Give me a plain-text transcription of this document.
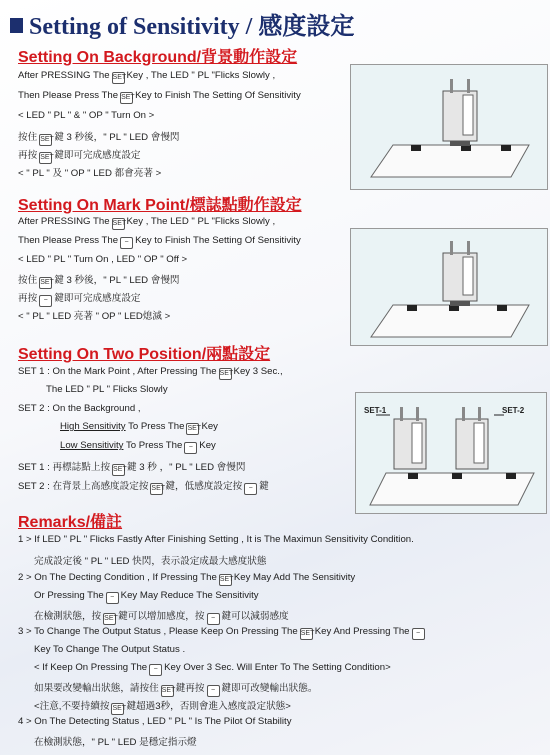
Setting of Sensitivity / 感度設定
Setting On Background/背景動作設定
After PRESSING The SETKey , The LED " PL "Flicks Slowly ,
Then Please Press The SETKey to Finish The Setting Of Sensitivity
< LED " PL " & " OP " Turn On >
按住 SET鍵 3 秒後，" PL " LED 會慢閃
再按 SET鍵即可完成感度設定
< " PL " 及 " OP " LED 都會亮著 >
Setting On Mark Point/標誌點動作設定
After PRESSING The SETKey , The LED " PL "Flicks Slowly ,
Then Please Press The − Key to Finish The Setting Of Sensitivity
< LED " PL " Turn On , LED " OP " Off >
按住 SET鍵 3 秒後，" PL " LED 會慢閃
再按 − 鍵即可完成感度設定
< " PL " LED 亮著 " OP " LED熄滅 >
Setting On Two Position/兩點設定
SET 1 : On the Mark Point , After Pressing The SETKey 3 Sec.,
The LED " PL " Flicks Slowly
SET 2 : On the Background ,
High Sensitivity To Press The SETKey
Low Sensitivity To Press The − Key
SET 1 : 再標誌點上按 SET鍵 3 秒 ，" PL " LED 會慢閃
SET 2 : 在背景上高感度設定按 SET鍵，低感度設定按 − 鍵
SET-1	SET-2
Remarks/備註
1 > If LED " PL " Flicks Fastly After Finishing Setting , It is The Maximun Sensitivity Condition.
完成設定後 " PL " LED 快閃，表示設定成最大感度狀態
2 > On The Decting Condition , If Pressing The SETKey May Add The Sensitivity
Or Pressing The − Key May Reduce The Sensitivity
在檢測狀態，按 SET鍵可以增加感度，按 − 鍵可以減弱感度
3 > To Change The Output Status , Please Keep On Pressing The SETKey And Pressing The −
Key To Change The Output Status .
< If Keep On Pressing The − Key Over 3 Sec. Will Enter To The Setting Condition>
如果要改變輸出狀態，請按住 SET鍵再按 − 鍵即可改變輸出狀態。
<注意,不要持續按 SET鍵超過3秒，否則會進入感度設定狀態>
4 > On The Detecting Status , LED " PL " Is The Pilot Of Stability
在檢測狀態，" PL " LED 是穩定指示燈
